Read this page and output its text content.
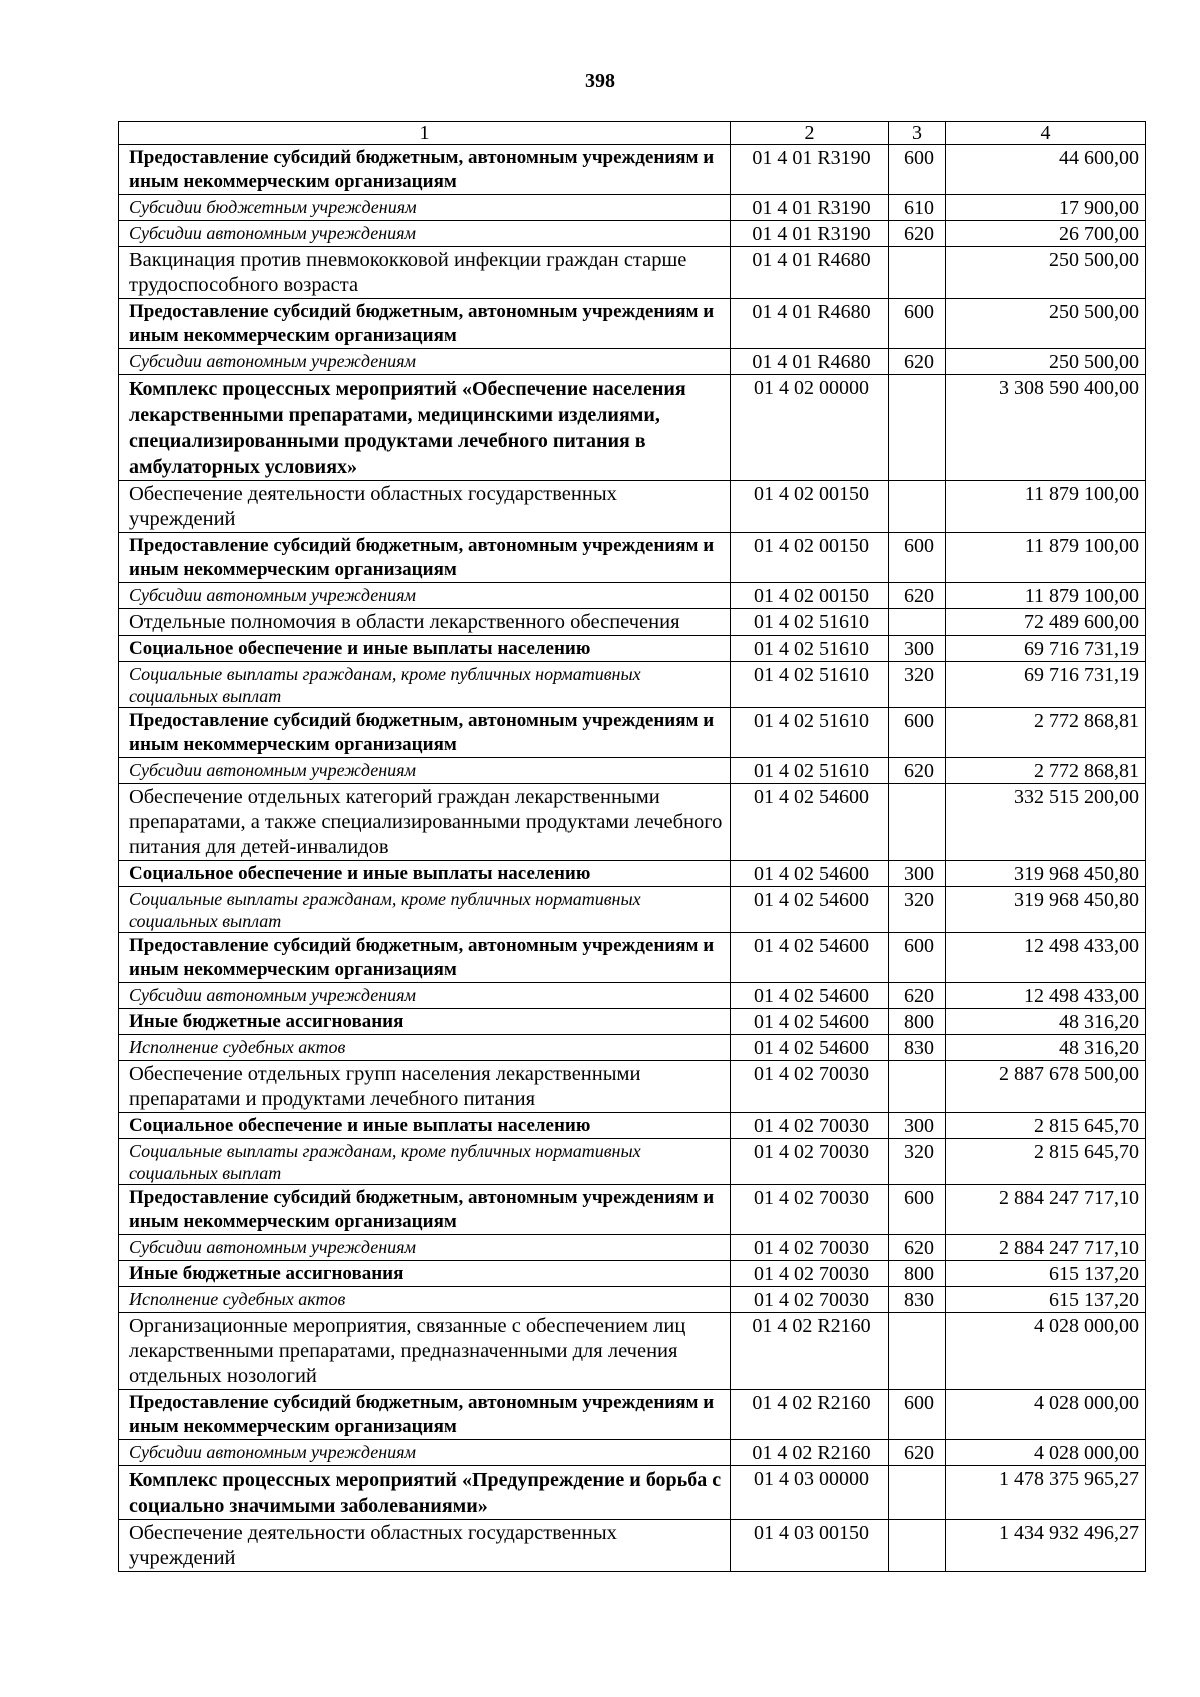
398
1	2	3	4
Предоставление субсидий бюджетным, автономным учреждениям и иным некоммерческим организациям	01 4 01 R3190	600	44 600,00
Субсидии бюджетным учреждениям	01 4 01 R3190	610	17 900,00
Субсидии автономным учреждениям	01 4 01 R3190	620	26 700,00
Вакцинация против пневмококковой инфекции граждан старше трудоспособного возраста	01 4 01 R4680		250 500,00
Предоставление субсидий бюджетным, автономным учреждениям и иным некоммерческим организациям	01 4 01 R4680	600	250 500,00
Субсидии автономным учреждениям	01 4 01 R4680	620	250 500,00
Комплекс процессных мероприятий «Обеспечение населения лекарственными препаратами, медицинскими изделиями, специализированными продуктами лечебного питания в амбулаторных условиях»	01 4 02 00000		3 308 590 400,00
Обеспечение деятельности областных государственных учреждений	01 4 02 00150		11 879 100,00
Предоставление субсидий бюджетным, автономным учреждениям и иным некоммерческим организациям	01 4 02 00150	600	11 879 100,00
Субсидии автономным учреждениям	01 4 02 00150	620	11 879 100,00
Отдельные полномочия в области лекарственного обеспечения	01 4 02 51610		72 489 600,00
Социальное обеспечение и иные выплаты населению	01 4 02 51610	300	69 716 731,19
Социальные выплаты гражданам, кроме публичных нормативных социальных выплат	01 4 02 51610	320	69 716 731,19
Предоставление субсидий бюджетным, автономным учреждениям и иным некоммерческим организациям	01 4 02 51610	600	2 772 868,81
Субсидии автономным учреждениям	01 4 02 51610	620	2 772 868,81
Обеспечение отдельных категорий граждан лекарственными препаратами, а также специализированными продуктами лечебного питания для детей-инвалидов	01 4 02 54600		332 515 200,00
Социальное обеспечение и иные выплаты населению	01 4 02 54600	300	319 968 450,80
Социальные выплаты гражданам, кроме публичных нормативных социальных выплат	01 4 02 54600	320	319 968 450,80
Предоставление субсидий бюджетным, автономным учреждениям и иным некоммерческим организациям	01 4 02 54600	600	12 498 433,00
Субсидии автономным учреждениям	01 4 02 54600	620	12 498 433,00
Иные бюджетные ассигнования	01 4 02 54600	800	48 316,20
Исполнение судебных актов	01 4 02 54600	830	48 316,20
Обеспечение отдельных групп населения лекарственными препаратами и продуктами лечебного питания	01 4 02 70030		2 887 678 500,00
Социальное обеспечение и иные выплаты населению	01 4 02 70030	300	2 815 645,70
Социальные выплаты гражданам, кроме публичных нормативных социальных выплат	01 4 02 70030	320	2 815 645,70
Предоставление субсидий бюджетным, автономным учреждениям и иным некоммерческим организациям	01 4 02 70030	600	2 884 247 717,10
Субсидии автономным учреждениям	01 4 02 70030	620	2 884 247 717,10
Иные бюджетные ассигнования	01 4 02 70030	800	615 137,20
Исполнение судебных актов	01 4 02 70030	830	615 137,20
Организационные мероприятия, связанные с обеспечением лиц лекарственными препаратами, предназначенными для лечения отдельных нозологий	01 4 02 R2160		4 028 000,00
Предоставление субсидий бюджетным, автономным учреждениям и иным некоммерческим организациям	01 4 02 R2160	600	4 028 000,00
Субсидии автономным учреждениям	01 4 02 R2160	620	4 028 000,00
Комплекс процессных мероприятий «Предупреждение и борьба с социально значимыми заболеваниями»	01 4 03 00000		1 478 375 965,27
Обеспечение деятельности областных государственных учреждений	01 4 03 00150		1 434 932 496,27
